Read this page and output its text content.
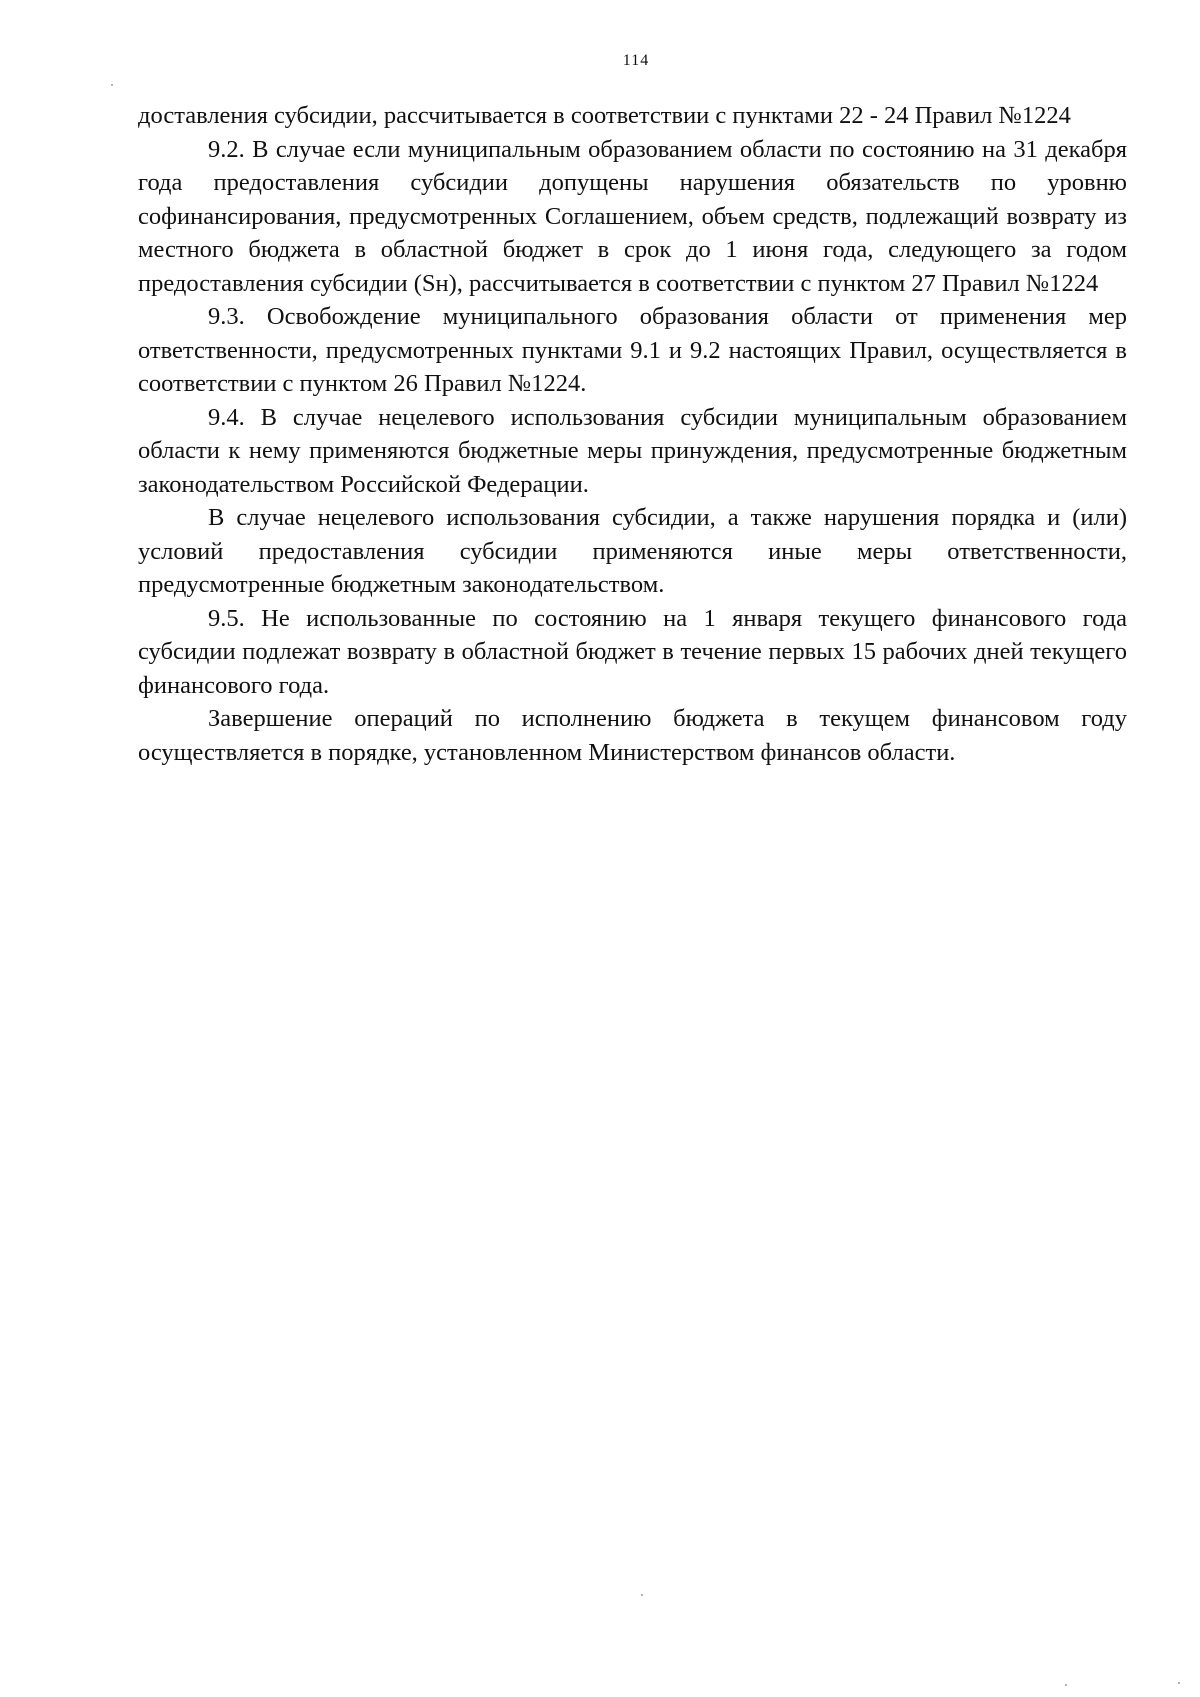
114

доставления субсидии, рассчитывается в соответствии с пунктами 22 - 24 Правил №1224

9.2. В случае если муниципальным образованием области по состоянию на 31 декабря года предоставления субсидии допущены нарушения обязательств по уровню софинансирования, предусмотренных Соглашением, объем средств, подлежащий возврату из местного бюджета в областной бюджет в срок до 1 июня года, следующего за годом предоставления субсидии (Sн), рассчитывается в соответствии с пунктом 27 Правил №1224

9.3. Освобождение муниципального образования области от применения мер ответственности, предусмотренных пунктами 9.1 и 9.2 настоящих Правил, осуществляется в соответствии с пунктом 26 Правил №1224.

9.4. В случае нецелевого использования субсидии муниципальным образованием области к нему применяются бюджетные меры принуждения, предусмотренные бюджетным законодательством Российской Федерации.

В случае нецелевого использования субсидии, а также нарушения порядка и (или) условий предоставления субсидии применяются иные меры ответственности, предусмотренные бюджетным законодательством.

9.5. Не использованные по состоянию на 1 января текущего финансового года субсидии подлежат возврату в областной бюджет в течение первых 15 рабочих дней текущего финансового года.

Завершение операций по исполнению бюджета в текущем финансовом году осуществляется в порядке, установленном Министерством финансов области.
